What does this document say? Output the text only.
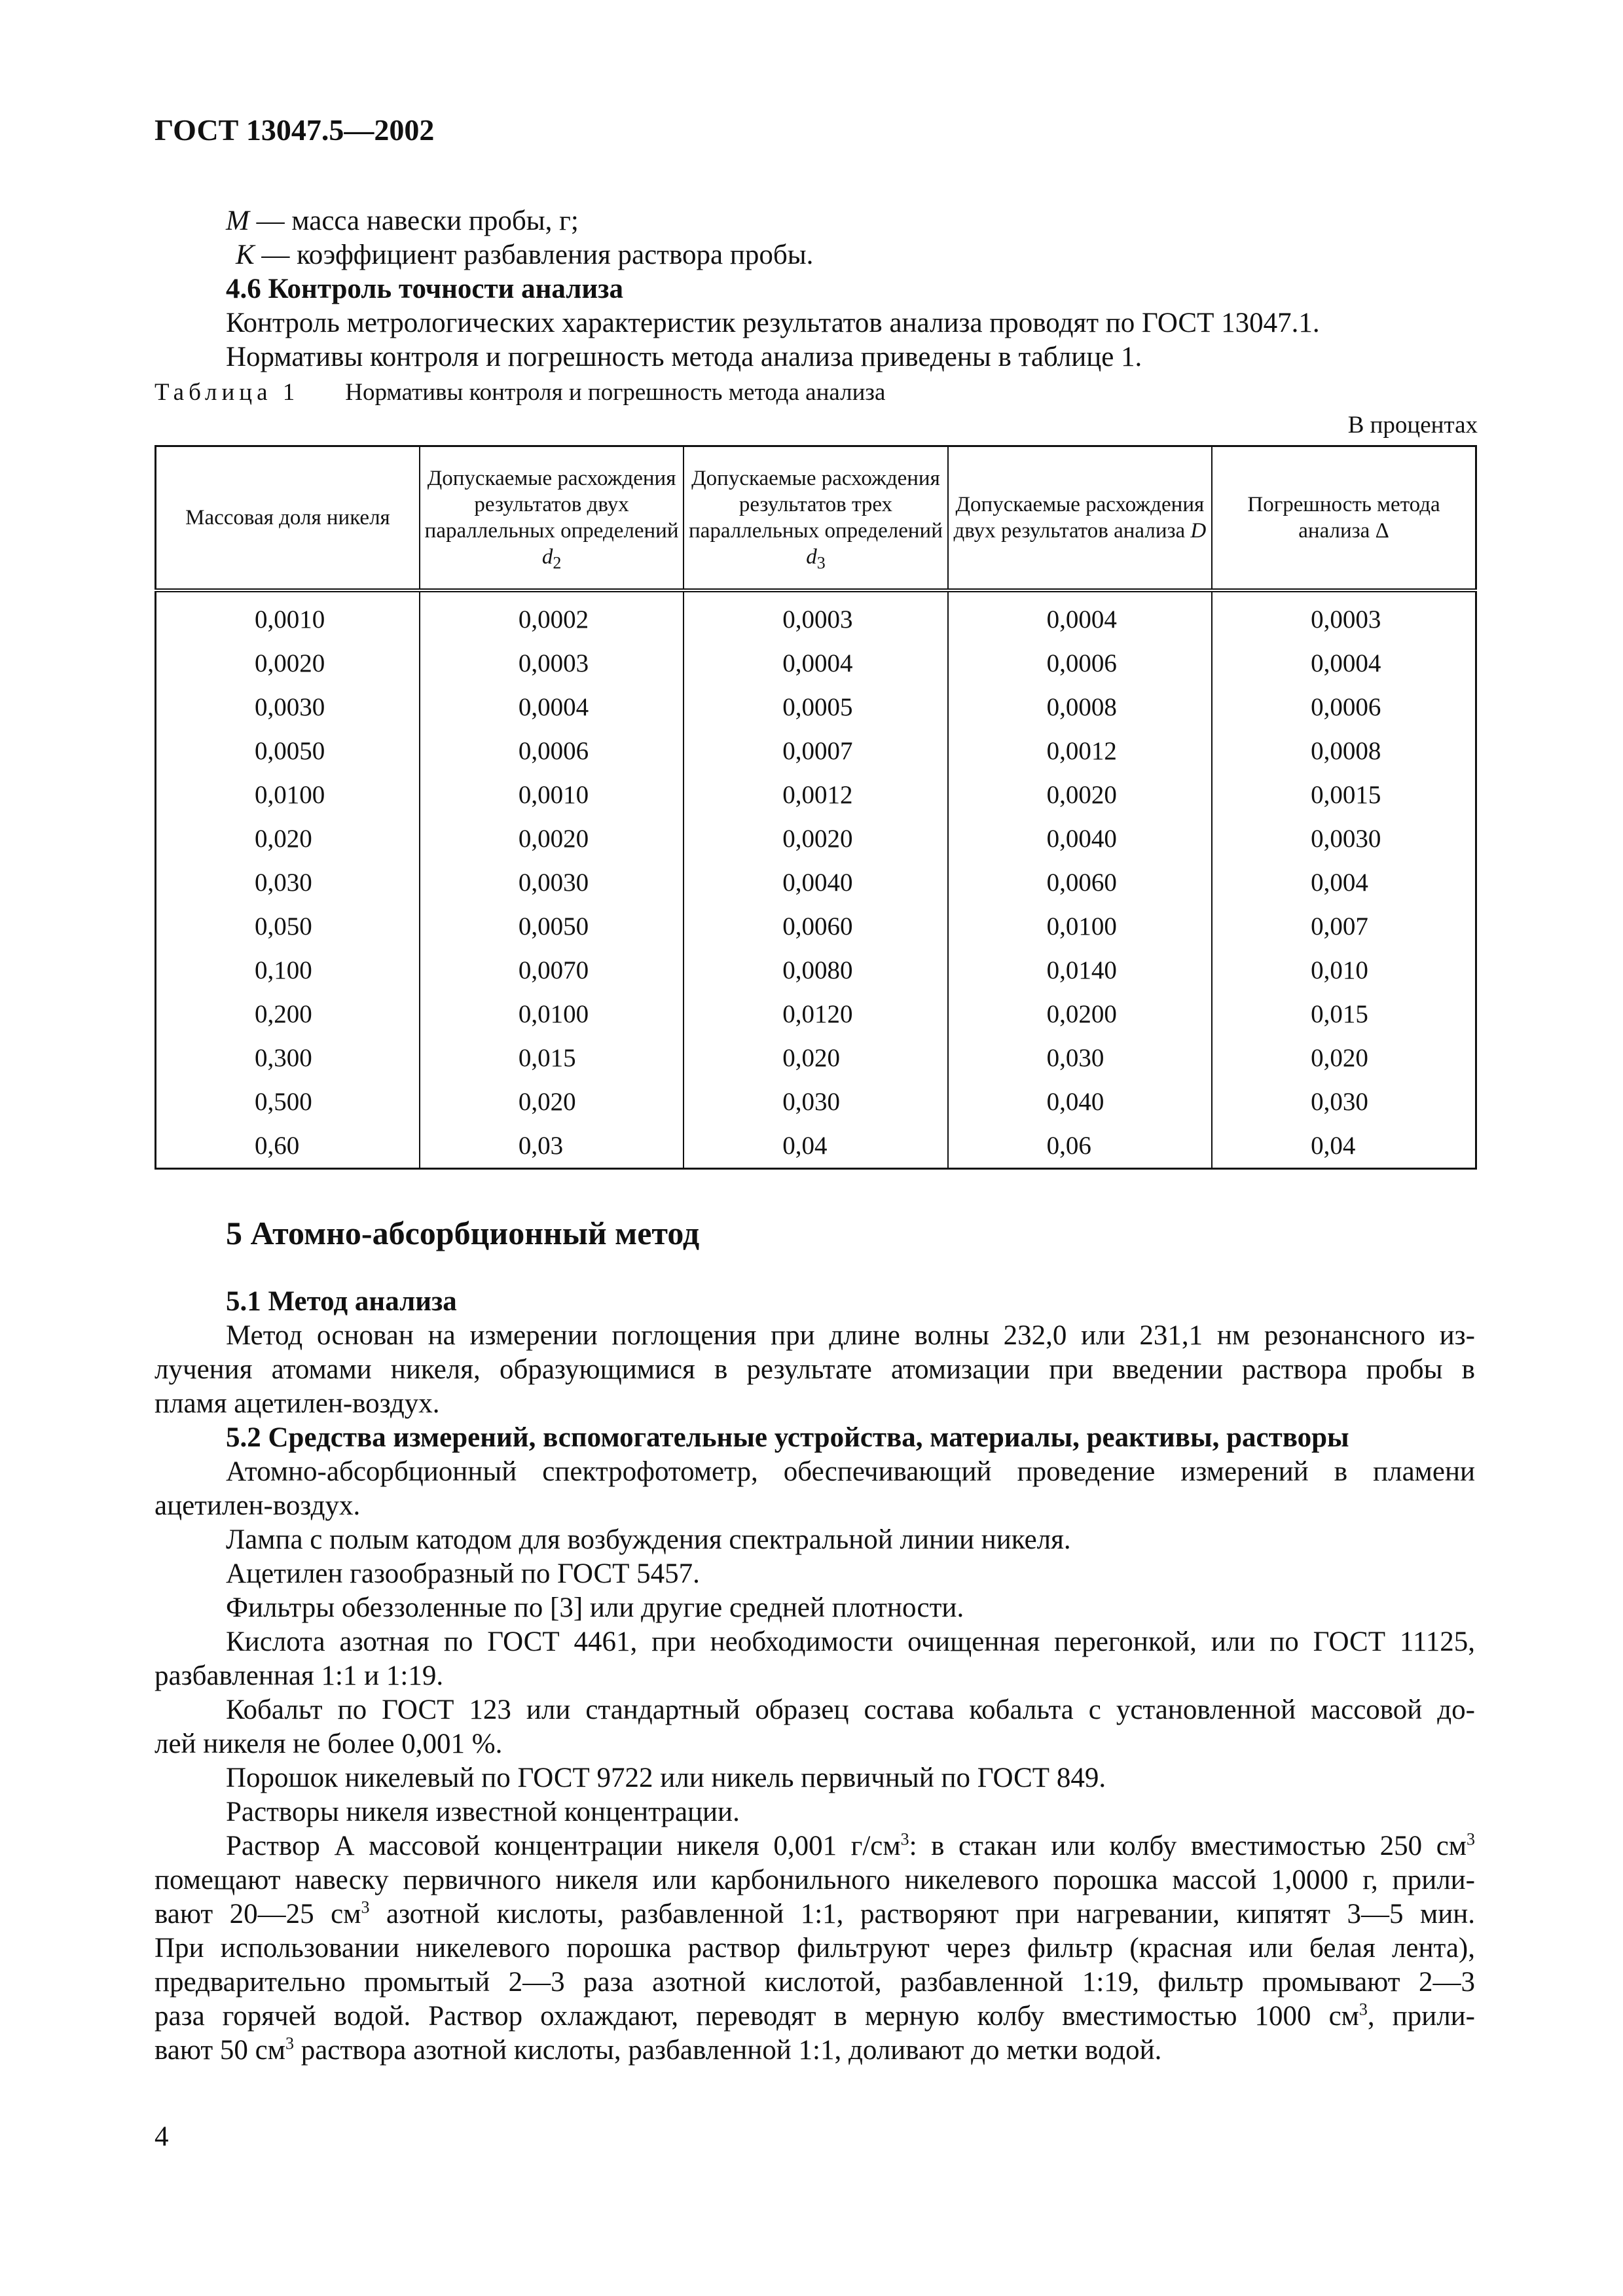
ГОСТ 13047.5—2002
М — масса навески пробы, г;
К — коэффициент разбавления раствора пробы.
4.6 Контроль точности анализа
Контроль метрологических характеристик результатов анализа проводят по ГОСТ 13047.1.
Нормативы контроля и погрешность метода анализа приведены в таблице 1.
Таблица 1 Нормативы контроля и погрешность метода анализа
В процентах
Массовая доля никеля	Допускаемые расхождения результатов двух параллельных определений $d_2$	Допускаемые расхождения результатов трех параллельных определений $d_3$	Допускаемые расхождения двух результатов анализа D	Погрешность метода анализа Δ
0,0010	0,0002	0,0003	0,0004	0,0003
0,0020	0,0003	0,0004	0,0006	0,0004
0,0030	0,0004	0,0005	0,0008	0,0006
0,0050	0,0006	0,0007	0,0012	0,0008
0,0100	0,0010	0,0012	0,0020	0,0015
0,020	0,0020	0,0020	0,0040	0,0030
0,030	0,0030	0,0040	0,0060	0,004
0,050	0,0050	0,0060	0,0100	0,007
0,100	0,0070	0,0080	0,0140	0,010
0,200	0,0100	0,0120	0,0200	0,015
0,300	0,015	0,020	0,030	0,020
0,500	0,020	0,030	0,040	0,030
0,60	0,03	0,04	0,06	0,04
5 Атомно-абсорбционный метод
5.1 Метод анализа
Метод основан на измерении поглощения при длине волны 232,0 или 231,1 нм резонансного из-
лучения атомами никеля, образующимися в результате атомизации при введении раствора пробы в
пламя ацетилен-воздух.
5.2 Средства измерений, вспомогательные устройства, материалы, реактивы, растворы
Атомно-абсорбционный спектрофотометр, обеспечивающий проведение измерений в пламени
ацетилен-воздух.
Лампа с полым катодом для возбуждения спектральной линии никеля.
Ацетилен газообразный по ГОСТ 5457.
Фильтры обеззоленные по [3] или другие средней плотности.
Кислота азотная по ГОСТ 4461, при необходимости очищенная перегонкой, или по ГОСТ 11125,
разбавленная 1:1 и 1:19.
Кобальт по ГОСТ 123 или стандартный образец состава кобальта с установленной массовой до-
лей никеля не более 0,001 %.
Порошок никелевый по ГОСТ 9722 или никель первичный по ГОСТ 849.
Растворы никеля известной концентрации.
Раствор А массовой концентрации никеля 0,001 $г/см^3$: в стакан или колбу вместимостью 250 $см^3$
помещают навеску первичного никеля или карбонильного никелевого порошка массой 1,0000 г, прили-
вают 20—25 $см^3$ азотной кислоты, разбавленной 1:1, растворяют при нагревании, кипятят 3—5 мин.
При использовании никелевого порошка раствор фильтруют через фильтр (красная или белая лента),
предварительно промытый 2—3 раза азотной кислотой, разбавленной 1:19, фильтр промывают 2—3
раза горячей водой. Раствор охлаждают, переводят в мерную колбу вместимостью 1000 $см^3$, прили-
вают 50 $см^3$ раствора азотной кислоты, разбавленной 1:1, доливают до метки водой.
4
